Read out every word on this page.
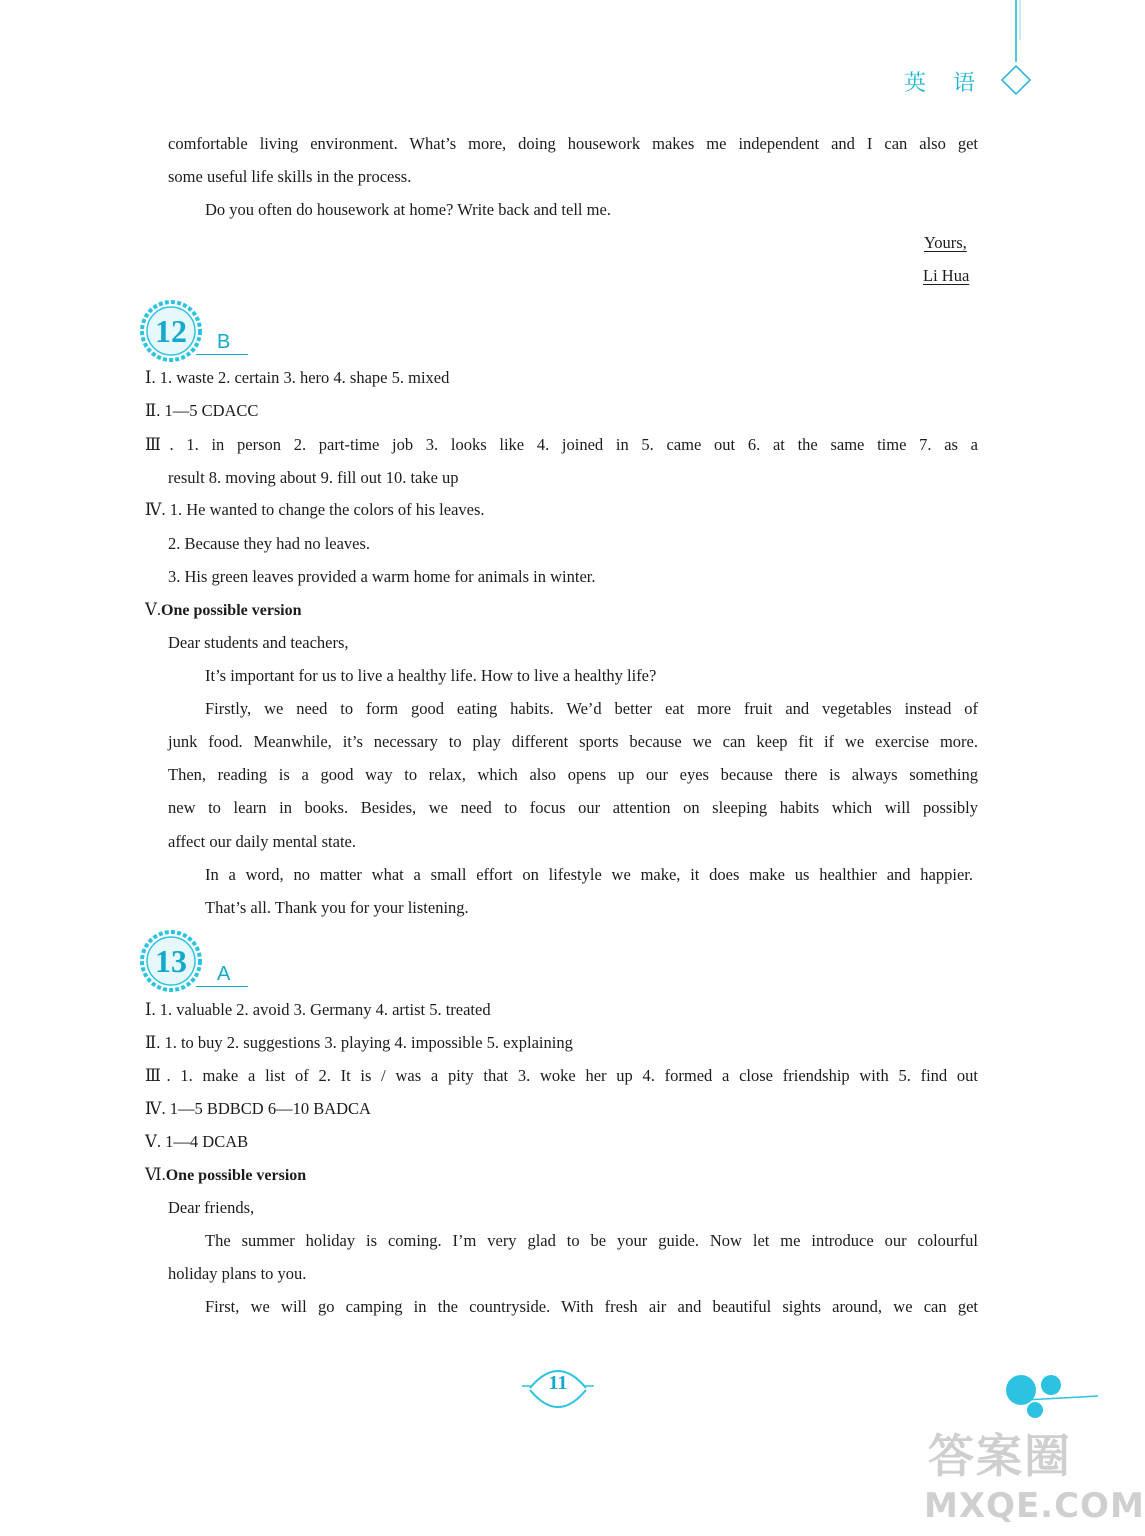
英 语
comfortable living environment. What’s more, doing housework makes me independent and I can also get
some useful life skills in the process.
Do you often do housework at home? Write back and tell me.
Yours,
Li Hua
12	B
Ⅰ. 1. waste 2. certain 3. hero 4. shape 5. mixed
Ⅱ. 1—5 CDACC
Ⅲ. 1. in person 2. part-time job 3. looks like 4. joined in 5. came out 6. at the same time 7. as a
result 8. moving about 9. fill out 10. take up
Ⅳ. 1. He wanted to change the colors of his leaves.
2. Because they had no leaves.
3. His green leaves provided a warm home for animals in winter.
Ⅴ.One possible version
Dear students and teachers,
It’s important for us to live a healthy life. How to live a healthy life?
Firstly, we need to form good eating habits. We’d better eat more fruit and vegetables instead of
junk food. Meanwhile, it’s necessary to play different sports because we can keep fit if we exercise more.
Then, reading is a good way to relax, which also opens up our eyes because there is always something
new to learn in books. Besides, we need to focus our attention on sleeping habits which will possibly
affect our daily mental state.
In a word, no matter what a small effort on lifestyle we make, it does make us healthier and happier.
That’s all. Thank you for your listening.
13	A
Ⅰ. 1. valuable 2. avoid 3. Germany 4. artist 5. treated
Ⅱ. 1. to buy 2. suggestions 3. playing 4. impossible 5. explaining
Ⅲ. 1. make a list of 2. It is / was a pity that 3. woke her up 4. formed a close friendship with 5. find out
Ⅳ. 1—5 BDBCD 6—10 BADCA
Ⅴ. 1—4 DCAB
Ⅵ.One possible version
Dear friends,
The summer holiday is coming. I’m very glad to be your guide. Now let me introduce our colourful
holiday plans to you.
First, we will go camping in the countryside. With fresh air and beautiful sights around, we can get
11
答案圈
MXQE.COM
